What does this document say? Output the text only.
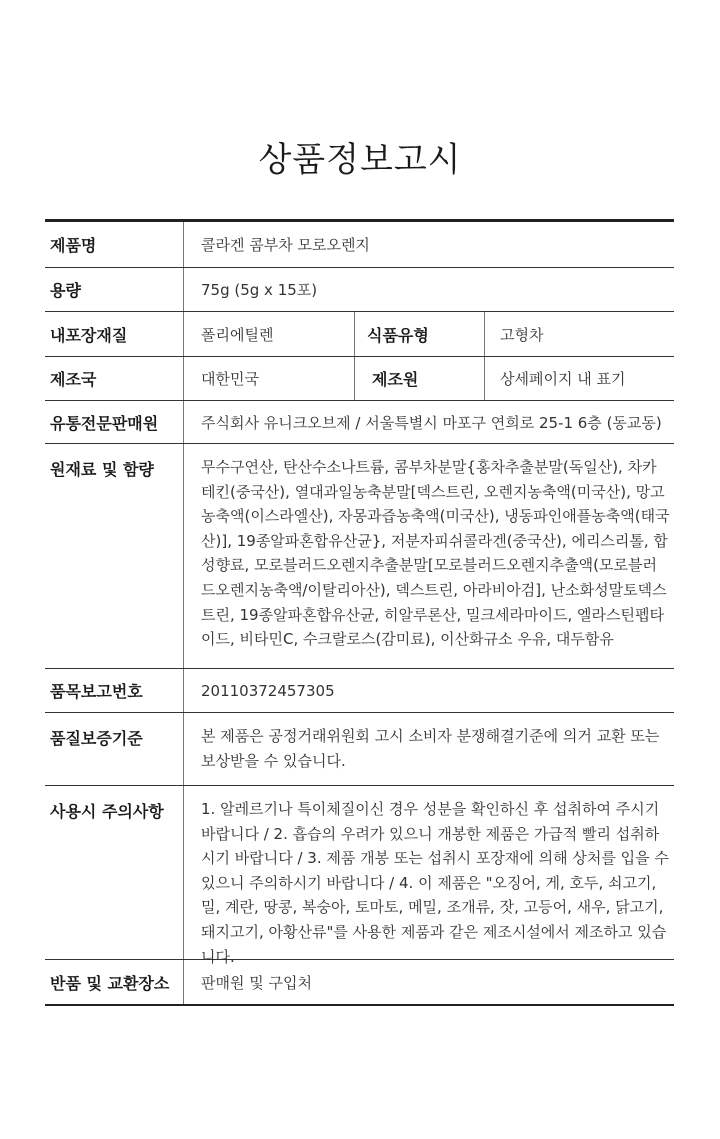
상품정보고시
제품명	콜라겐 콤부차 모로오렌지
용량	75g (5g x 15포)
내포장재질	폴리에틸렌	식품유형	고형차
제조국	대한민국	제조원	상세페이지 내 표기
유통전문판매원	주식회사 유니크오브제 / 서울특별시 마포구 연희로 25-1 6층 (동교동)
원재료 및 함량	무수구연산, 탄산수소나트륨, 콤부차분말{홍차추출분말(독일산), 차카테킨(중국산), 열대과일농축분말[덱스트린, 오렌지농축액(미국산), 망고농축액(이스라엘산), 자몽과즙농축액(미국산), 냉동파인애플농축액(태국산)], 19종알파혼합유산균}, 저분자피쉬콜라겐(중국산), 에리스리톨, 합성향료, 모로블러드오렌지추출분말[모로블러드오렌지추출액(모로블러드오렌지농축액/이탈리아산), 덱스트린, 아라비아검], 난소화성말토덱스트린, 19종알파혼합유산균, 히알루론산, 밀크세라마이드, 엘라스틴펩타이드, 비타민C, 수크랄로스(감미료), 이산화규소 우유, 대두함유
품목보고번호	20110372457305
품질보증기준	본 제품은 공정거래위원회 고시 소비자 분쟁해결기준에 의거 교환 또는 보상받을 수 있습니다.
사용시 주의사항	1. 알레르기나 특이체질이신 경우 성분을 확인하신 후 섭취하여 주시기 바랍니다 / 2. 흡습의 우려가 있으니 개봉한 제품은 가급적 빨리 섭취하시기 바랍니다 / 3. 제품 개봉 또는 섭취시 포장재에 의해 상처를 입을 수 있으니 주의하시기 바랍니다 / 4. 이 제품은 "오징어, 게, 호두, 쇠고기, 밀, 계란, 땅콩, 복숭아, 토마토, 메밀, 조개류, 잣, 고등어, 새우, 닭고기, 돼지고기, 아황산류"를 사용한 제품과 같은 제조시설에서 제조하고 있습니다.
반품 및 교환장소	판매원 및 구입처
